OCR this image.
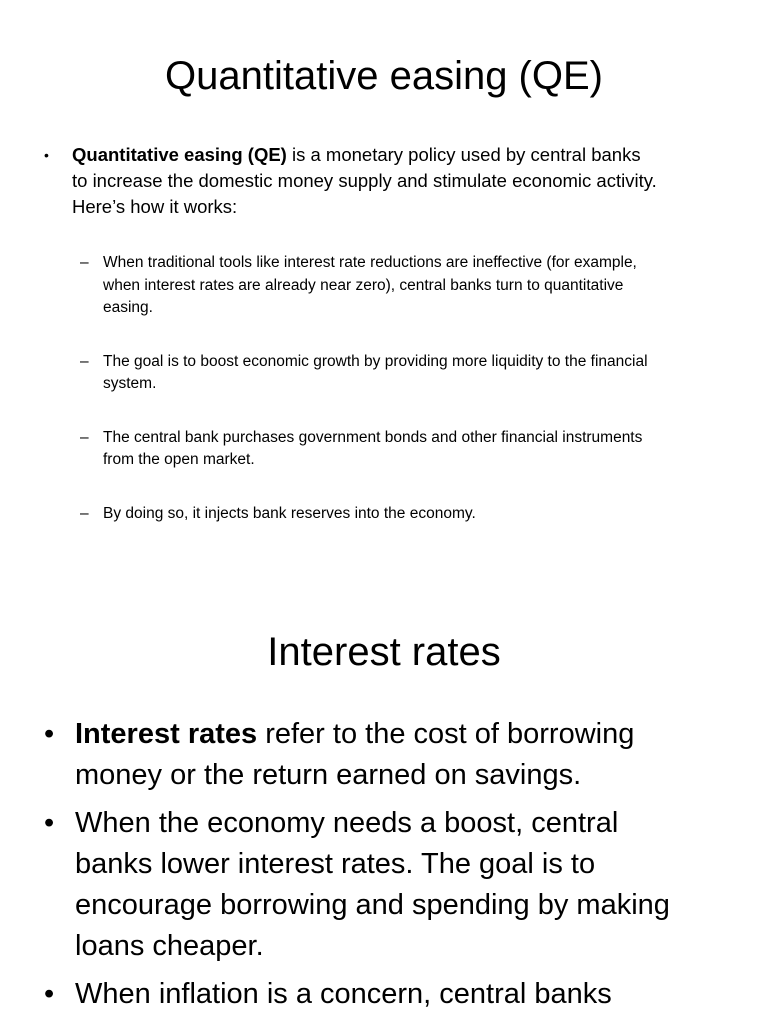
Quantitative easing (QE)
• Quantitative easing (QE) is a monetary policy used by central banks
to increase the domestic money supply and stimulate economic activity.
Here’s how it works:
– When traditional tools like interest rate reductions are ineffective (for example,
when interest rates are already near zero), central banks turn to quantitative
easing.
– The goal is to boost economic growth by providing more liquidity to the financial
system.
– The central bank purchases government bonds and other financial instruments
from the open market.
– By doing so, it injects bank reserves into the economy.
Interest rates
• Interest rates refer to the cost of borrowing
money or the return earned on savings.
• When the economy needs a boost, central
banks lower interest rates. The goal is to
encourage borrowing and spending by making
loans cheaper.
• When inflation is a concern, central banks
